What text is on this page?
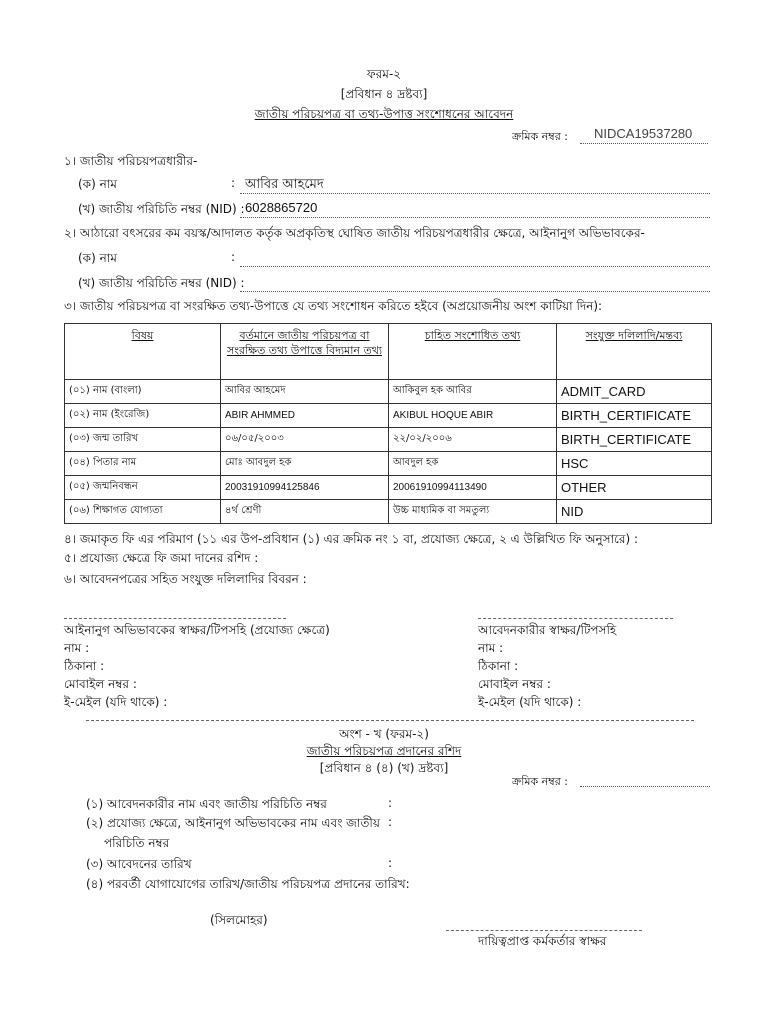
ফরম-২
[প্রবিধান ৪ দ্রষ্টব্য]
জাতীয় পরিচয়পত্র বা তথ্য-উপাত্ত সংশোধনের আবেদন
ক্রমিক নম্বর : NIDCA19537280
১। জাতীয় পরিচয়পত্রধারীর-
(ক) নাম	: আবির আহমেদ
(খ) জাতীয় পরিচিতি নম্বর (NID) : 6028865720
২। আঠারো বৎসরের কম বয়স্ক/আদালত কর্তৃক অপ্রকৃতিস্থ ঘোষিত জাতীয় পরিচয়পত্রধারীর ক্ষেত্রে, আইনানুগ অভিভাবকের-
(ক) নাম	:
(খ) জাতীয় পরিচিতি নম্বর (NID) :
৩। জাতীয় পরিচয়পত্র বা সংরক্ষিত তথ্য-উপাত্তে যে তথ্য সংশোধন করিতে হইবে (অপ্রয়োজনীয় অংশ কাটিয়া দিন):
বিষয়	বর্তমানে জাতীয় পরিচয়পত্র বা সংরক্ষিত তথ্য উপাত্তে বিদ্যমান তথ্য	চাহিত সংশোধিত তথ্য	সংযুক্ত দলিলাদি/মন্তব্য
(০১) নাম (বাংলা)	আবির আহমেদ	আকিবুল হক আবির	ADMIT_CARD
(০২) নাম (ইংরেজি)	ABIR AHMMED	AKIBUL HOQUE ABIR	BIRTH_CERTIFICATE
(০৩) জন্ম তারিখ	০৬/০৫/২০০৩	২২/০২/২০০৬	BIRTH_CERTIFICATE
(০৪) পিতার নাম	মোঃ আবদুল হক	আবদুল হক	HSC
(০৫) জন্মনিবন্ধন	20031910994125846	20061910994113490	OTHER
(০৬) শিক্ষাগত যোগ্যতা	৪র্থ শ্রেণী	উচ্চ মাধ্যমিক বা সমতুল্য	NID
৪। জমাকৃত ফি এর পরিমাণ (১১ এর উপ-প্রবিধান (১) এর ক্রমিক নং ১ বা, প্রযোজ্য ক্ষেত্রে, ২ এ উল্লিখিত ফি অনুসারে) :
৫। প্রযোজ্য ক্ষেত্রে ফি জমা দানের রশিদ :
৬। আবেদনপত্রের সহিত সংযুক্ত দলিলাদির বিবরন :
আইনানুগ অভিভাবকের স্বাক্ষর/টিপসহি (প্রযোজ্য ক্ষেত্রে)	আবেদনকারীর স্বাক্ষর/টিপসহি
নাম :	নাম :
ঠিকানা :	ঠিকানা :
মোবাইল নম্বর :	মোবাইল নম্বর :
ই-মেইল (যদি থাকে) :	ই-মেইল (যদি থাকে) :
অংশ - খ (ফরম-২)
জাতীয় পরিচয়পত্র প্রদানের রশিদ
[প্রবিধান ৪ (৪) (খ) দ্রষ্টব্য]
ক্রমিক নম্বর :
(১) আবেদনকারীর নাম এবং জাতীয় পরিচিতি নম্বর	:
(২) প্রযোজ্য ক্ষেত্রে, আইনানুগ অভিভাবকের নাম এবং জাতীয় :
পরিচিতি নম্বর
(৩) আবেদনের তারিখ	:
(৪) পরবর্তী যোগাযোগের তারিখ/জাতীয় পরিচয়পত্র প্রদানের তারিখ:
(সিলমোহর)
দায়িত্বপ্রাপ্ত কর্মকর্তার স্বাক্ষর
